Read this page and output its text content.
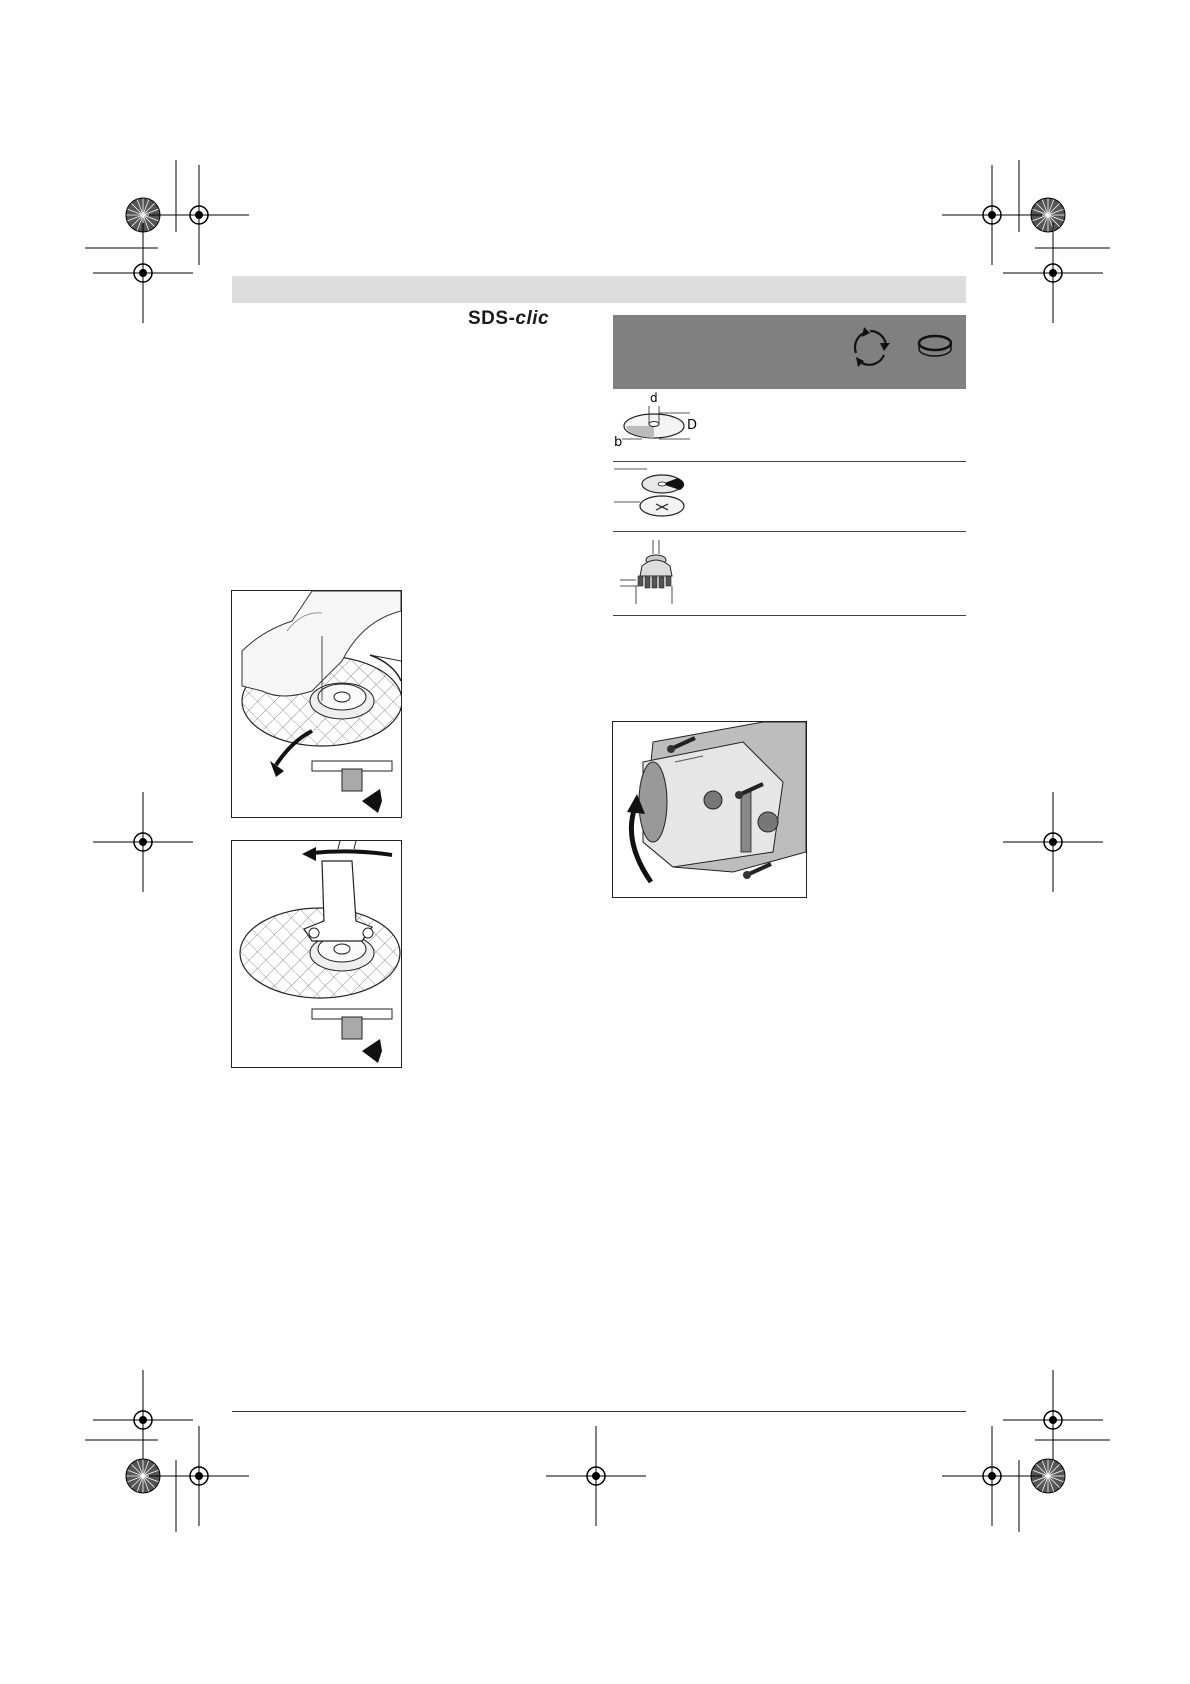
SDS-clic
d
D
b
